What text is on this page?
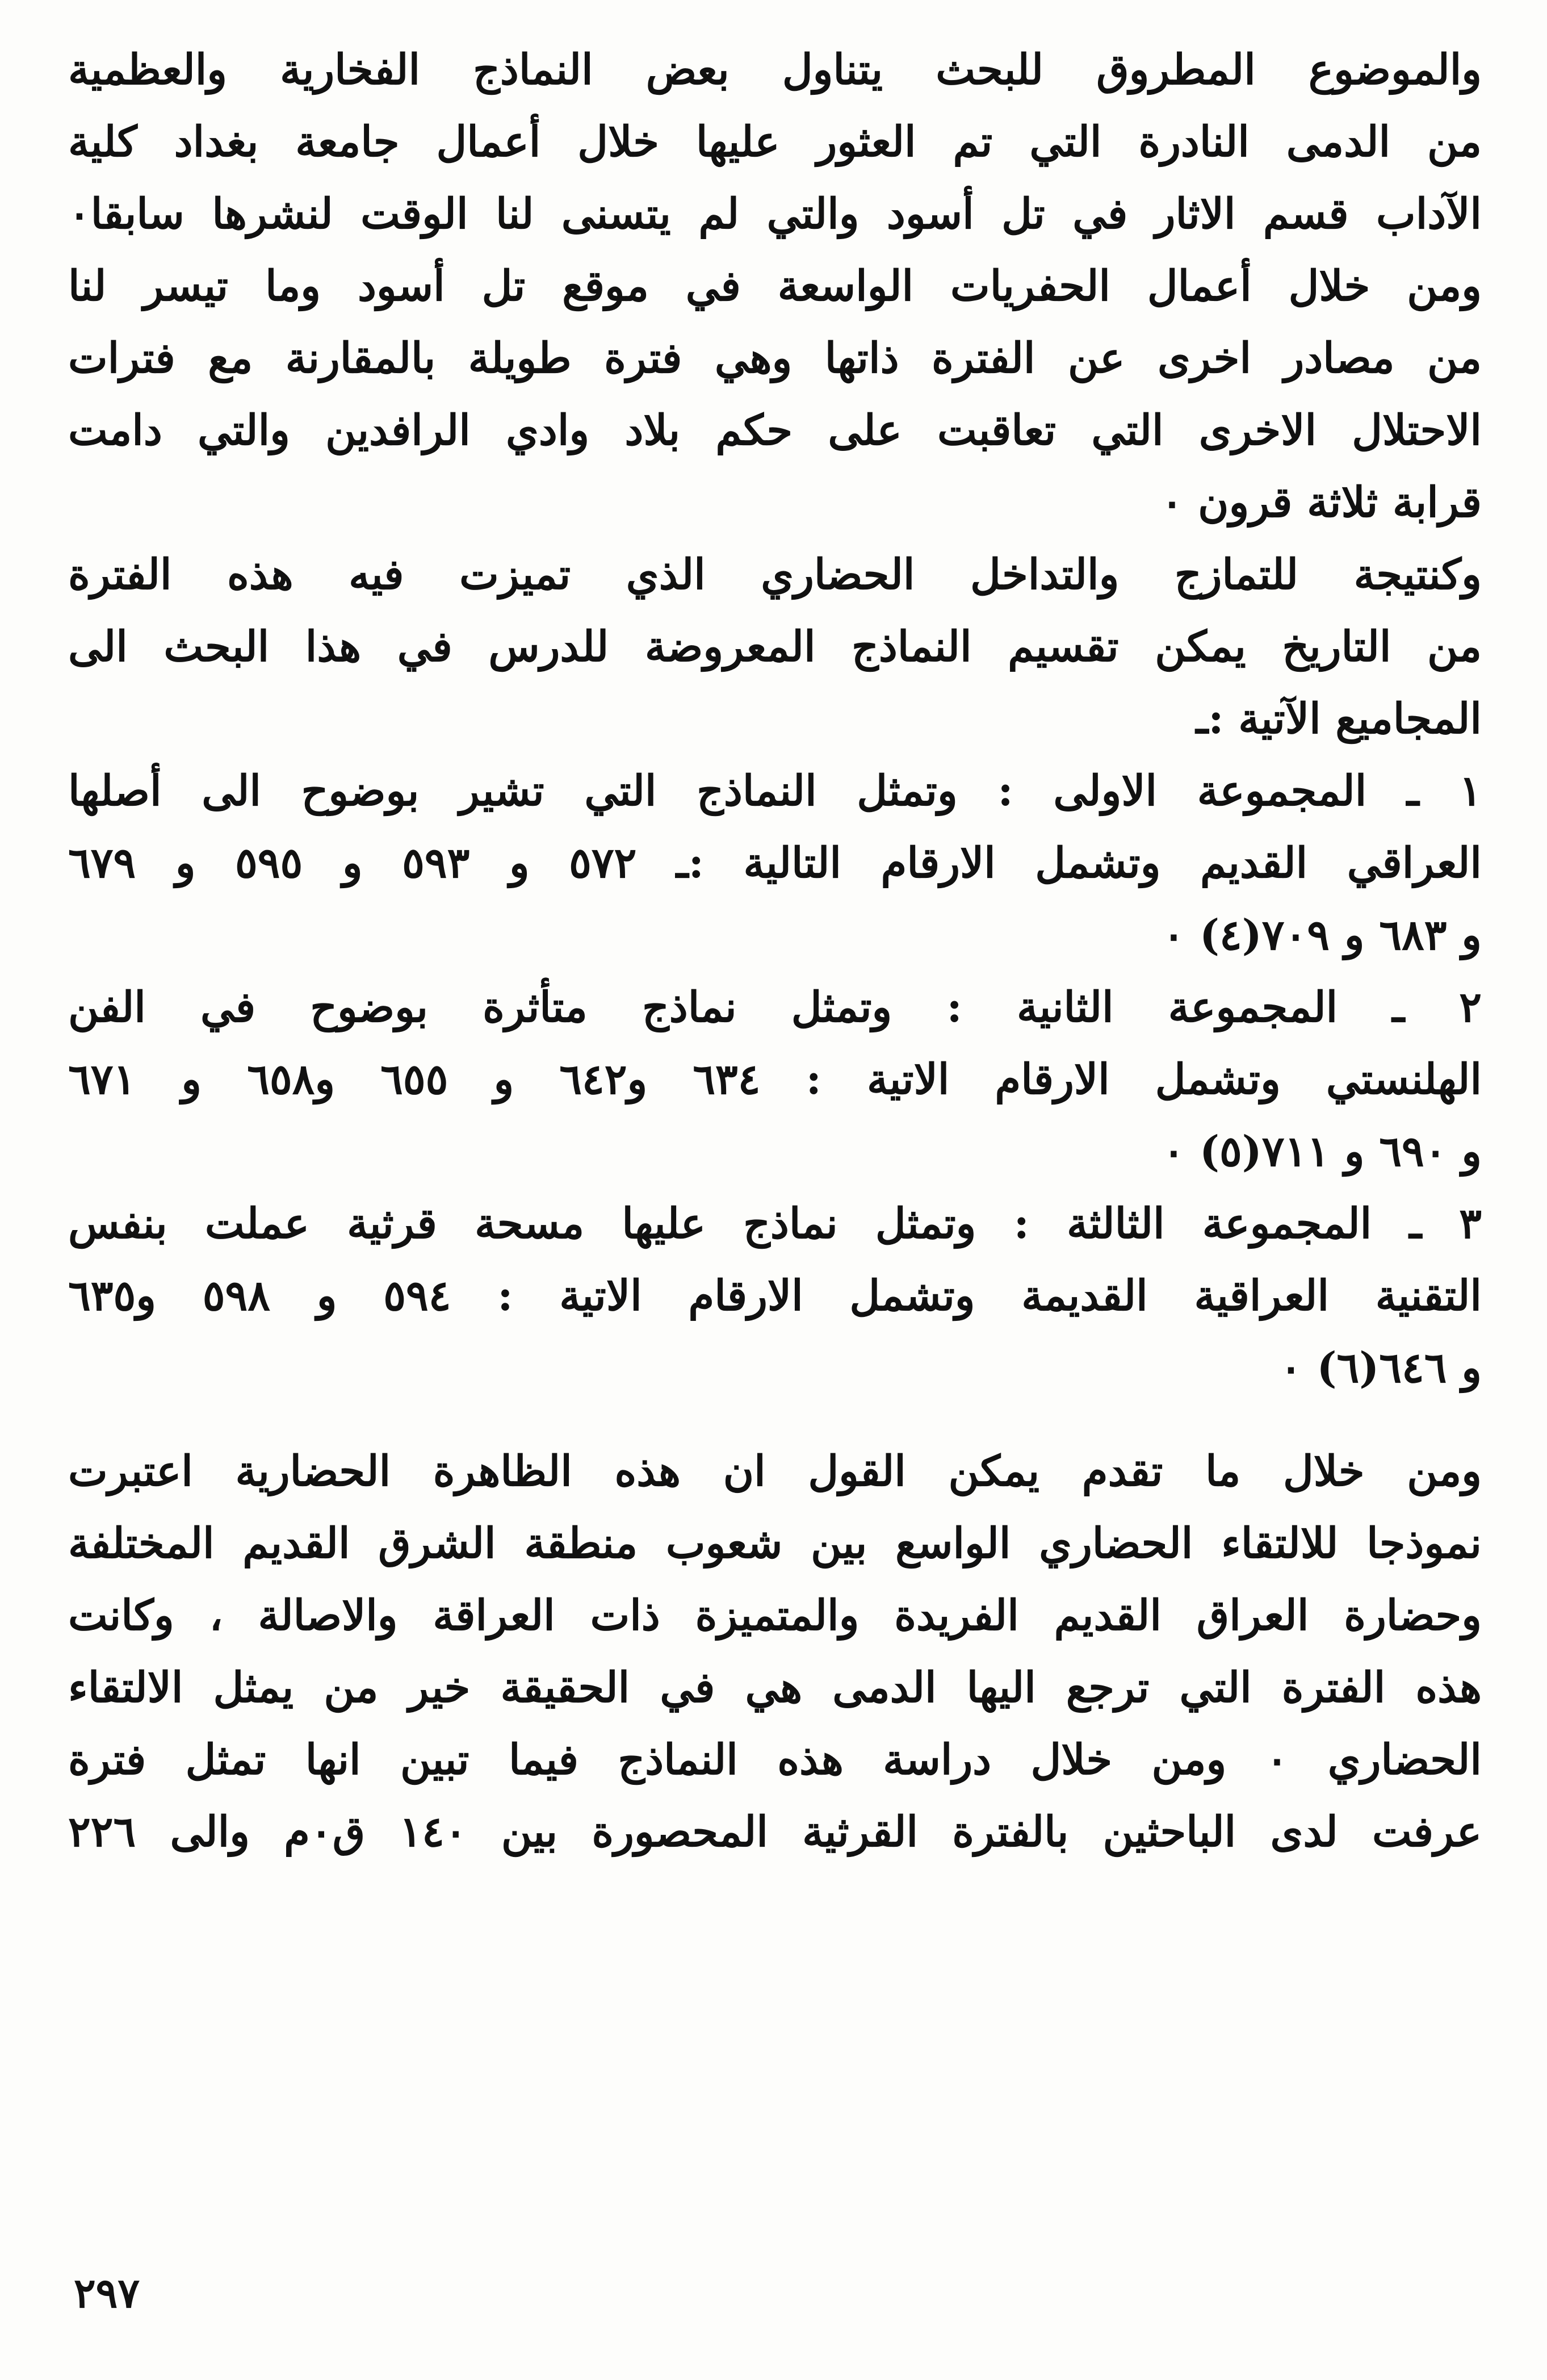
والموضوع المطروق للبحث يتناول بعض النماذج الفخارية والعظمية
من الدمى النادرة التي تم العثور عليها خلال أعمال جامعة بغداد كلية
الآداب قسم الاثار في تل أسود والتي لم يتسنى لنا الوقت لنشرها سابقا٠
ومن خلال أعمال الحفريات الواسعة في موقع تل أسود وما تيسر لنا
من مصادر اخرى عن الفترة ذاتها وهي فترة طويلة بالمقارنة مع فترات
الاحتلال الاخرى التي تعاقبت على حكم بلاد وادي الرافدين والتي دامت
قرابة ثلاثة قرون ٠
وكنتيجة للتمازج والتداخل الحضاري الذي تميزت فيه هذه الفترة
من التاريخ يمكن تقسيم النماذج المعروضة للدرس في هذا البحث الى
المجاميع الآتية :ـ
١ ـ المجموعة الاولى : وتمثل النماذج التي تشير بوضوح الى أصلها
العراقي القديم وتشمل الارقام التالية :ـ ٥٧٢ و ٥٩٣ و ٥٩٥ و ٦٧٩
و ٦٨٣ و ٧٠٩(٤) ٠
٢ ـ المجموعة الثانية : وتمثل نماذج متأثرة بوضوح في الفن
الهلنستي وتشمل الارقام الاتية : ٦٣٤ و٦٤٢ و ٦٥٥ و٦٥٨ و ٦٧١
و ٦٩٠ و ٧١١(٥) ٠
٣ ـ المجموعة الثالثة : وتمثل نماذج عليها مسحة قرثية عملت بنفس
التقنية العراقية القديمة وتشمل الارقام الاتية : ٥٩٤ و ٥٩٨ و٦٣٥
و ٦٤٦(٦) ٠
ومن خلال ما تقدم يمكن القول ان هذه الظاهرة الحضارية اعتبرت
نموذجا للالتقاء الحضاري الواسع بين شعوب منطقة الشرق القديم المختلفة
وحضارة العراق القديم الفريدة والمتميزة ذات العراقة والاصالة ، وكانت
هذه الفترة التي ترجع اليها الدمى هي في الحقيقة خير من يمثل الالتقاء
الحضاري ٠ ومن خلال دراسة هذه النماذج فيما تبين انها تمثل فترة
عرفت لدى الباحثين بالفترة القرثية المحصورة بين ١٤٠ ق٠م والى ٢٢٦
٢٩٧
